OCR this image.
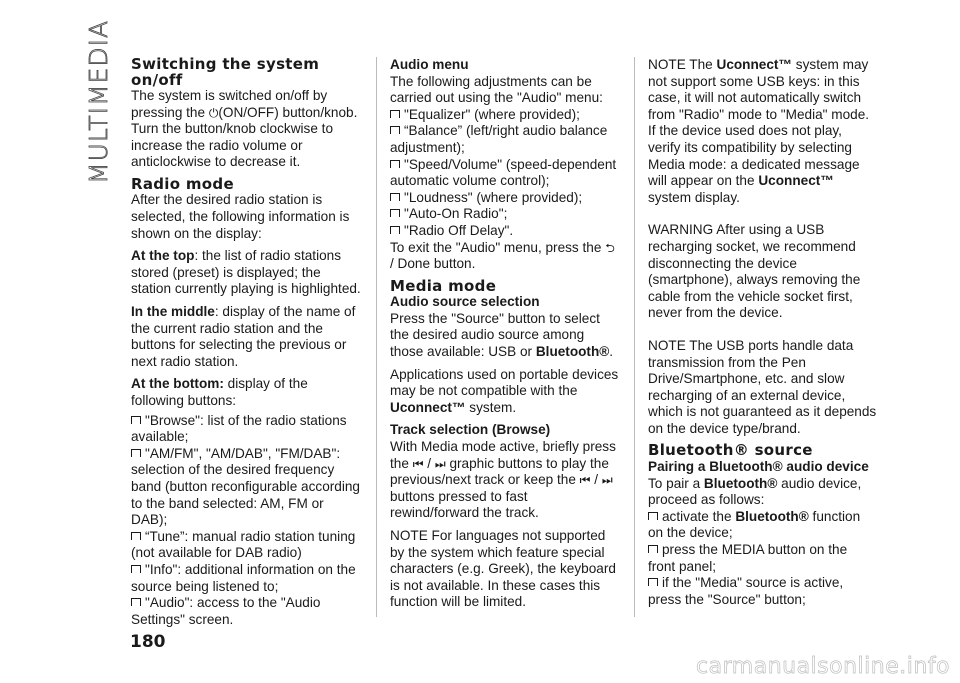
MULTIMEDIA Switching the system on/off

The system is switched on/off by pressing the ⏻(ON/OFF) button/knob. Turn the button/knob clockwise to increase the radio volume or anticlockwise to decrease it.

Radio mode

After the desired radio station is selected, the following information is shown on the display:

At the top: the list of radio stations stored (preset) is displayed; the station currently playing is highlighted.

In the middle: display of the name of the current radio station and the buttons for selecting the previous or next radio station.

At the bottom: display of the following buttons:

"Browse": list of the radio stations available;

"AM/FM", "AM/DAB", "FM/DAB": selection of the desired frequency band (button reconfigurable according to the band selected: AM, FM or DAB);

“Tune”: manual radio station tuning (not available for DAB radio)

"Info": additional information on the source being listened to;

"Audio": access to the "Audio Settings" screen.

Audio menu

The following adjustments can be carried out using the "Audio" menu:

"Equalizer" (where provided);

“Balance” (left/right audio balance adjustment);

"Speed/Volume" (speed-dependent automatic volume control);

"Loudness" (where provided);

"Auto-On Radio";

"Radio Off Delay".

To exit the "Audio" menu, press the ⮌
/ Done button.

Media mode
Audio source selection

Press the "Source" button to select the desired audio source among those available: USB or Bluetooth®.

Applications used on portable devices may be not compatible with the
Uconnect™ system.

Track selection (Browse)

With Media mode active, briefly press the ⏮ / ⏭ graphic buttons to play the previous/next track or keep the ⏮ / ⏭ buttons pressed to fast rewind/forward the track.

NOTE For languages not supported by the system which feature special characters (e.g. Greek), the keyboard is not available. In these cases this function will be limited.

NOTE The Uconnect™ system may not support some USB keys: in this case, it will not automatically switch from "Radio" mode to "Media" mode. If the device used does not play, verify its compatibility by selecting Media mode: a dedicated message will appear on the Uconnect™ system display.

WARNING After using a USB recharging socket, we recommend disconnecting the device (smartphone), always removing the cable from the vehicle socket first, never from the device.

NOTE The USB ports handle data transmission from the Pen Drive/Smartphone, etc. and slow recharging of an external device, which is not guaranteed as it depends on the device type/brand.

Bluetooth® source
Pairing a Bluetooth® audio device

To pair a Bluetooth® audio device, proceed as follows:

activate the Bluetooth® function on the device;

press the MEDIA button on the front panel;

if the "Media" source is active, press the "Source" button;

180
carmanualsonline.info
